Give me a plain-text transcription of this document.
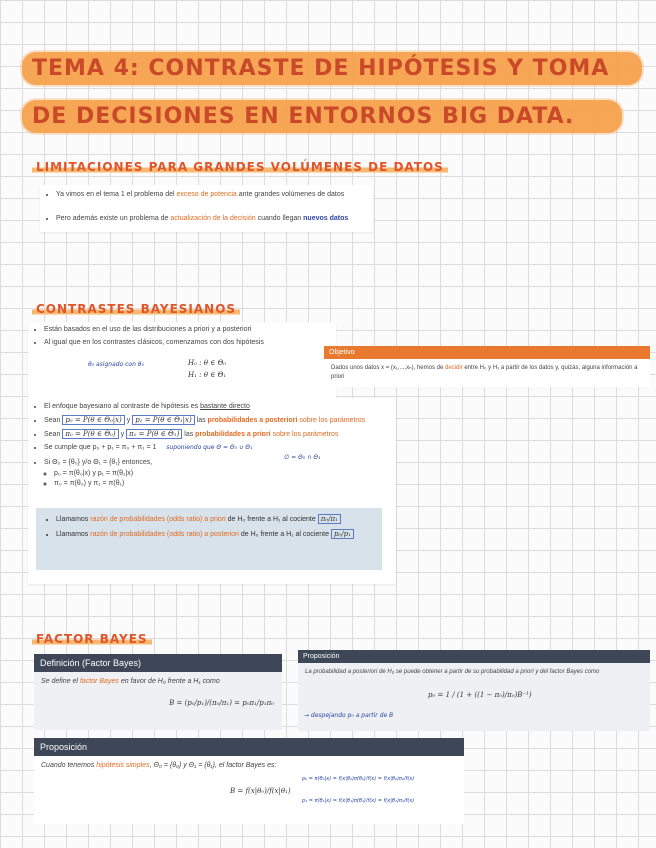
TEMA 4: CONTRASTE DE HIPÓTESIS Y TOMA
DE DECISIONES EN ENTORNOS BIG DATA.
LIMITACIONES PARA GRANDES VOLÚMENES DE DATOS
• Ya vimos en el tema 1 el problema del exceso de potencia ante grandes volúmenes de datos
• Pero además existe un problema de actualización de la decisión cuando llegan nuevos datos
CONTRASTES BAYESIANOS
• Están basados en el uso de las distribuciones a priori y a posteriori
• Al igual que en los contrastes clásicos, comenzamos con dos hipótesis
θ₀ asignado con θ₀	H₀ : θ ∈ Θ₀
H₁ : θ ∈ Θ₁
Objetivo
Dados unos datos x = (x₁,...,xₙ), hemos de decidir entre H₀ y H₁ a partir de los datos y, quizás, alguna información a priori
• El enfoque bayesiano al contraste de hipótesis es bastante directo
• Sean p₀ = P(θ ∈ Θ₀|x) y p₁ = P(θ ∈ Θ₁|x) las probabilidades a posteriori sobre los parámetros
• Sean π₀ = P(θ ∈ Θ₀) y π₁ = P(θ ∈ Θ₁) las probabilidades a priori sobre los parámetros
• Se cumple que p₀ + p₁ = π₀ + π₁ = 1 suponiendo que Θ = Θ₀ ∪ Θ₁
∅ = Θ₀ ∩ Θ₁
• Si Θ₀ = {θ₀} y/o Θ₁ = {θ₁} entonces,
◦ p₀ = π(θ₀|x) y p₁ = π(θ₁|x)
◦ π₀ = π(θ₀) y π₁ = π(θ₁)
• Llamamos razón de probabilidades (odds ratio) a priori de H₀ frente a H₁ al cociente π₀/π₁
• Llamamos razón de probabilidades (odds ratio) a posteriori de H₀ frente a H₁ al cociente p₀/p₁
FACTOR BAYES
Definición (Factor Bayes)
Se define el factor Bayes en favor de H₀ frente a H₁ como
B = (p₀/p₁)/(π₀/π₁) = p₀π₁/p₁π₀
Proposición
La probabilidad a posteriori de H₀ se puede obtener a partir de su probabilidad a priori y del factor Bayes como
p₀ = 1 / (1 + ((1 − π₀)/π₀)B⁻¹)
→ despejando p₀ a partir de B
Proposición
Cuando tenemos hipótesis simples, Θ₀ = {θ₀} y Θ₁ = {θ₁}, el factor Bayes es:
B = f(x|θ₀)/f(x|θ₁)
p₀ = π(θ₀|x) = f(x|θ₀)π(θ₀)/f(x) = f(x|θ₀)π₀/f(x)
p₁ = π(θ₁|x) = f(x|θ₁)π(θ₁)/f(x) = f(x|θ₁)π₁/f(x)
